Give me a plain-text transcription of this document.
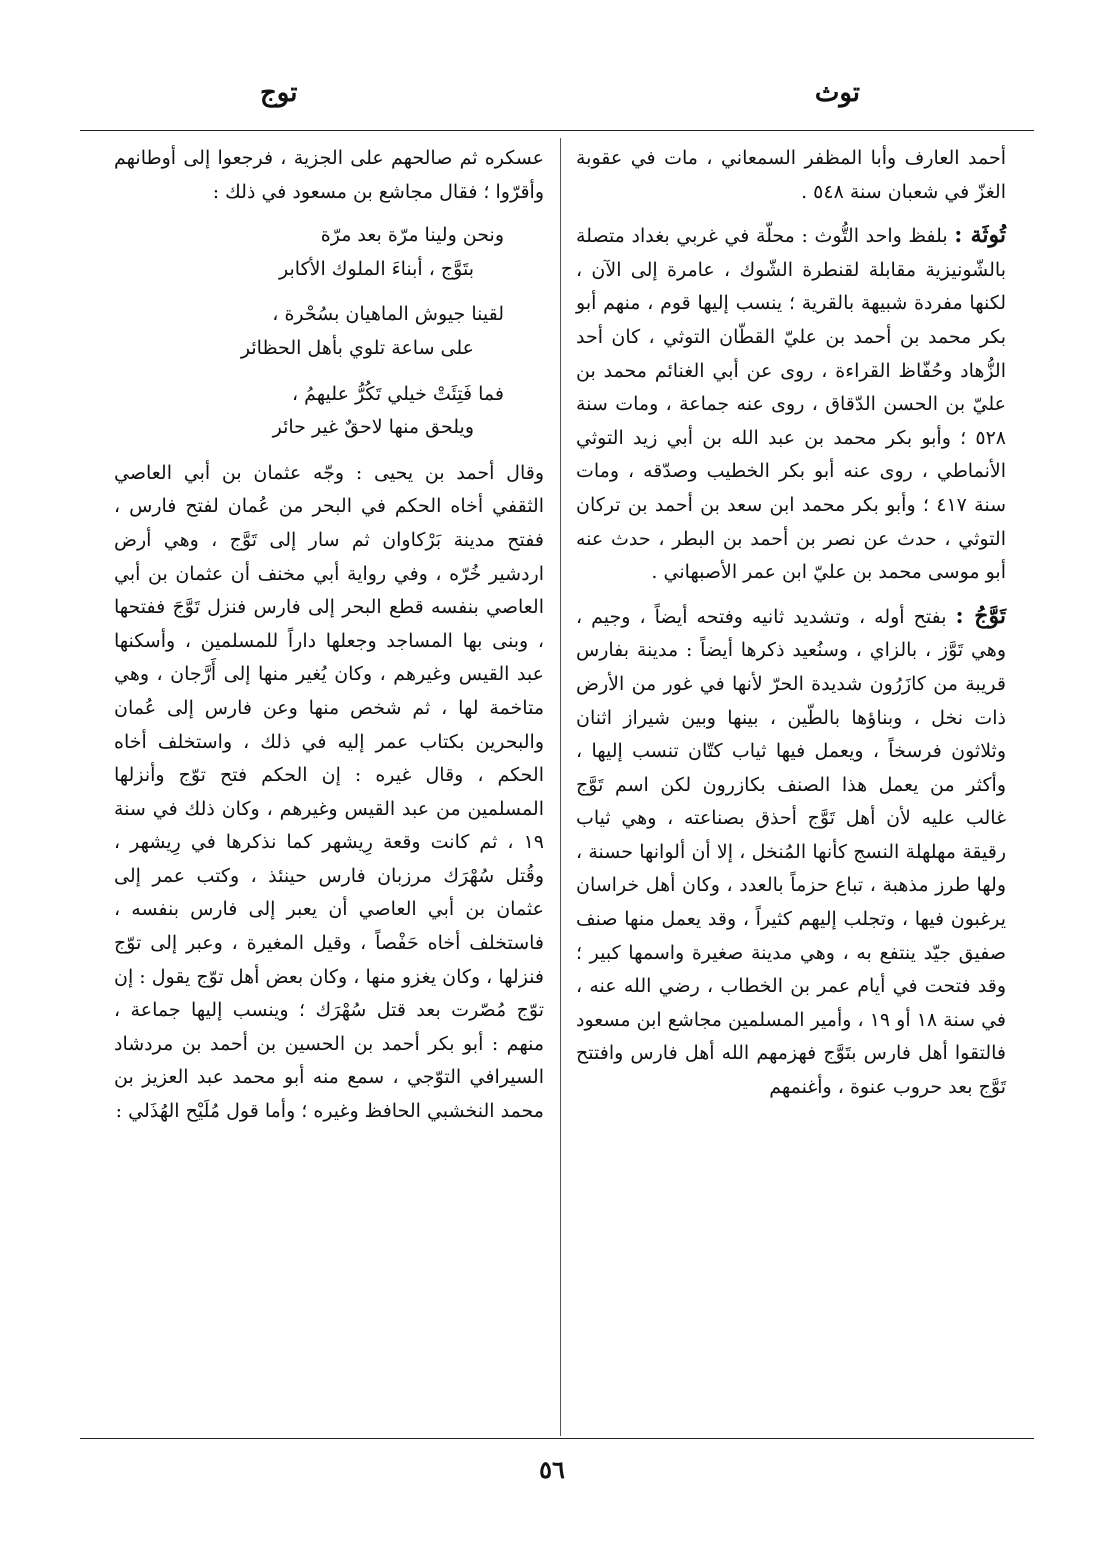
توث
توج

أحمد العارف وأبا المظفر السمعاني ، مات في عقوبة الغزّ في شعبان سنة ٥٤٨ .

تُوثَة : بلفظ واحد التُّوث : محلّة في غربي بغداد متصلة بالشّونيزية مقابلة لقنطرة الشّوك ، عامرة إلى الآن ، لكنها مفردة شبيهة بالقرية ؛ ينسب إليها قوم ، منهم أبو بكر محمد بن أحمد بن عليّ القطّان التوثي ، كان أحد الزُّهاد وحُفّاظ القراءة ، روى عن أبي الغنائم محمد بن عليّ بن الحسن الدّقاق ، روى عنه جماعة ، ومات سنة ٥٢٨ ؛ وأبو بكر محمد بن عبد الله بن أبي زيد التوثي الأنماطي ، روى عنه أبو بكر الخطيب وصدّقه ، ومات سنة ٤١٧ ؛ وأبو بكر محمد ابن سعد بن أحمد بن تركان التوثي ، حدث عن نصر بن أحمد بن البطر ، حدث عنه أبو موسى محمد بن عليّ ابن عمر الأصبهاني .

تَوَّجُ : بفتح أوله ، وتشديد ثانيه وفتحه أيضاً ، وجيم ، وهي تَوَّز ، بالزاي ، وسنُعيد ذكرها أيضاً : مدينة بفارس قريبة من كازَرُون شديدة الحرّ لأنها في غور من الأرض ذات نخل ، وبناؤها بالطّين ، بينها وبين شيراز اثنان وثلاثون فرسخاً ، ويعمل فيها ثياب كتّان تنسب إليها ، وأكثر من يعمل هذا الصنف بكازرون لكن اسم تَوَّج غالب عليه لأن أهل تَوَّج أحذق بصناعته ، وهي ثياب رقيقة مهلهلة النسج كأنها المُنخل ، إلا أن ألوانها حسنة ، ولها طرز مذهبة ، تباع حزماً بالعدد ، وكان أهل خراسان يرغبون فيها ، وتجلب إليهم كثيراً ، وقد يعمل منها صنف صفيق جيّد ينتفع به ، وهي مدينة صغيرة واسمها كبير ؛ وقد فتحت في أيام عمر بن الخطاب ، رضي الله عنه ، في سنة ١٨ أو ١٩ ، وأمير المسلمين مجاشع ابن مسعود فالتقوا أهل فارس بتَوَّج فهزمهم الله أهل فارس وافتتح تَوَّج بعد حروب عنوة ، وأغنمهم

عسكره ثم صالحهم على الجزية ، فرجعوا إلى أوطانهم وأقرّوا ؛ فقال مجاشع بن مسعود في ذلك :

ونحن ولينا مرّة بعد مرّة
بتَوَّج ، أبناءَ الملوك الأكابر
لقينا جيوش الماهيان بسُحْرة ،
على ساعة تلوي بأهل الحظائر
فما فَتِئَتْ خيلي تَكُرُّ عليهمُ ،
ويلحق منها لاحقٌ غير حائر

وقال أحمد بن يحيى : وجّه عثمان بن أبي العاصي الثقفي أخاه الحكم في البحر من عُمان لفتح فارس ، ففتح مدينة بَرْكاوان ثم سار إلى تَوَّج ، وهي أرض اردشير خُرّه ، وفي رواية أبي مخنف أن عثمان بن أبي العاصي بنفسه قطع البحر إلى فارس فنزل تَوَّجَ ففتحها ، وبنى بها المساجد وجعلها داراً للمسلمين ، وأسكنها عبد القيس وغيرهم ، وكان يُغير منها إلى أَرَّجان ، وهي متاخمة لها ، ثم شخص منها وعن فارس إلى عُمان والبحرين بكتاب عمر إليه في ذلك ، واستخلف أخاه الحكم ، وقال غيره : إن الحكم فتح توّج وأنزلها المسلمين من عبد القيس وغيرهم ، وكان ذلك في سنة ١٩ ، ثم كانت وقعة رِيشهر كما نذكرها في رِيشهر ، وقُتل سُهْرَك مرزبان فارس حينئذ ، وكتب عمر إلى عثمان بن أبي العاصي أن يعبر إلى فارس بنفسه ، فاستخلف أخاه حَفْصاً ، وقيل المغيرة ، وعبر إلى توّج فنزلها ، وكان يغزو منها ، وكان بعض أهل توّج يقول : إن توّج مُصّرت بعد قتل سُهْرَك ؛ وينسب إليها جماعة ، منهم : أبو بكر أحمد بن الحسين بن أحمد بن مردشاد السيرافي التوّجي ، سمع منه أبو محمد عبد العزيز بن محمد النخشبي الحافظ وغيره ؛ وأما قول مُلَيْح الهُذَلي :

٥٦
